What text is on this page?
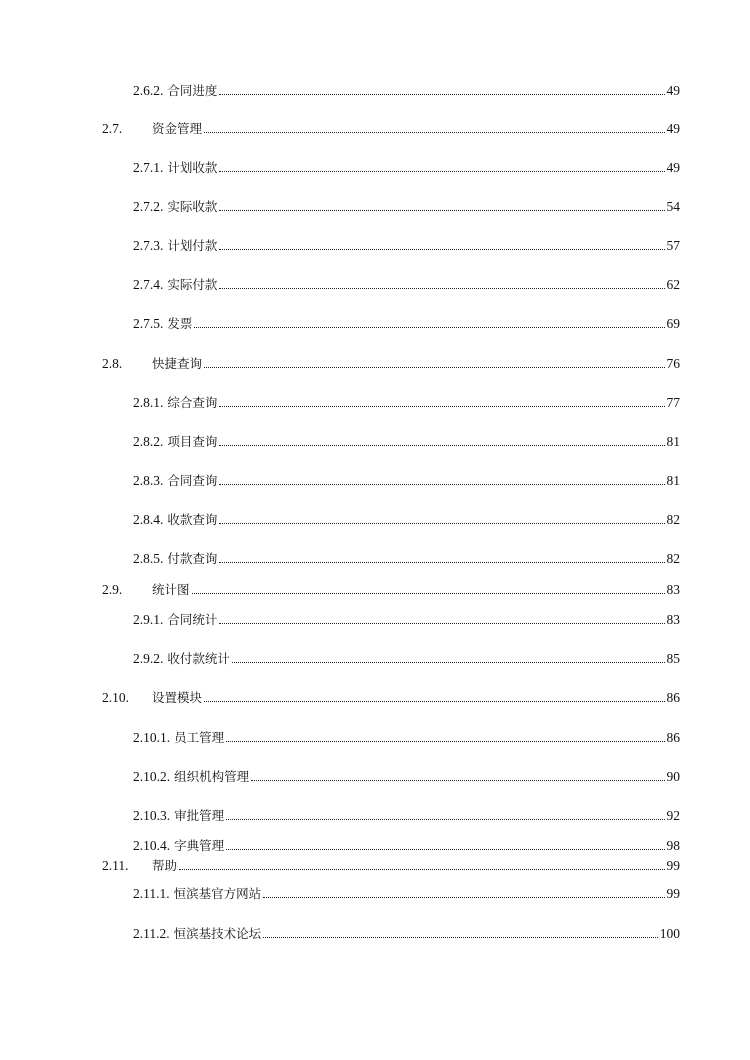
2.6.2. 合同进度	49
2.7.	资金管理	49
2.7.1. 计划收款	49
2.7.2. 实际收款	54
2.7.3. 计划付款	57
2.7.4. 实际付款	62
2.7.5. 发票	69
2.8.	快捷查询	76
2.8.1. 综合查询	77
2.8.2. 项目查询	81
2.8.3. 合同查询	81
2.8.4. 收款查询	82
2.8.5. 付款查询	82
2.9.	统计图	83
2.9.1. 合同统计	83
2.9.2. 收付款统计	85
2.10.	设置模块	86
2.10.1. 员工管理	86
2.10.2. 组织机构管理	90
2.10.3. 审批管理	92
2.10.4. 字典管理	98
2.11.	帮助	99
2.11.1. 恒滨基官方网站	99
2.11.2. 恒滨基技术论坛	100
